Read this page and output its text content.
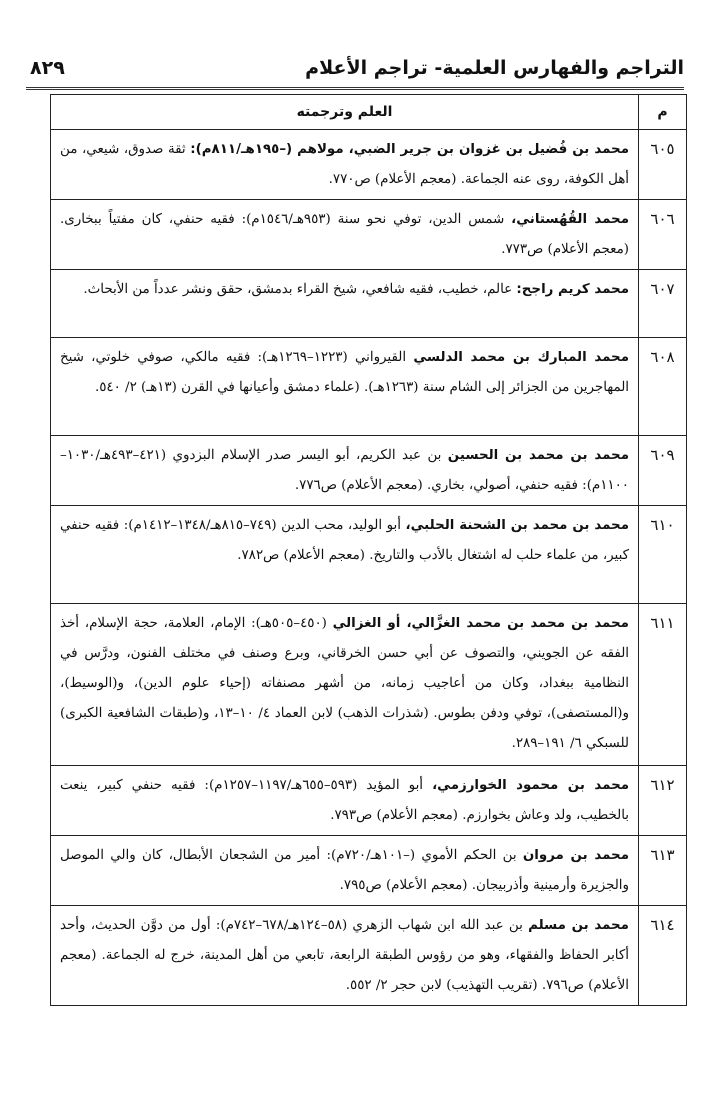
التراجم والفهارس العلمية- تراجم الأعلام
٨٢٩
م	العلم وترجمته
٦٠٥	محمد بن فُضيل بن غزوان بن جرير الضبي، مولاهم (–١٩٥هـ/٨١١م): ثقة صدوق، شيعي، من أهل الكوفة، روى عنه الجماعة. (معجم الأعلام) ص٧٧٠.
٦٠٦	محمد القُهُستاني، شمس الدين، توفي نحو سنة (٩٥٣هـ/١٥٤٦م): فقيه حنفي، كان مفتياً ببخارى. (معجم الأعلام) ص٧٧٣.
٦٠٧	محمد كريم راجح: عالم، خطيب، فقيه شافعي، شيخ القراء بدمشق، حقق ونشر عدداً من الأبحاث.
٦٠٨	محمد المبارك بن محمد الدلسي القيرواني (١٢٢٣–١٢٦٩هـ): فقيه مالكي، صوفي خلوتي، شيخ المهاجرين من الجزائر إلى الشام سنة (١٢٦٣هـ). (علماء دمشق وأعيانها في القرن (١٣هـ) ٢/ ٥٤٠.
٦٠٩	محمد بن محمد بن الحسين بن عبد الكريم، أبو اليسر صدر الإسلام البزدوي (٤٢١–٤٩٣هـ/١٠٣٠–١١٠٠م): فقيه حنفي، أصولي، بخاري. (معجم الأعلام) ص٧٧٦.
٦١٠	محمد بن محمد بن الشحنة الحلبي، أبو الوليد، محب الدين (٧٤٩–٨١٥هـ/١٣٤٨–١٤١٢م): فقيه حنفي كبير، من علماء حلب له اشتغال بالأدب والتاريخ. (معجم الأعلام) ص٧٨٢.
٦١١	محمد بن محمد بن محمد الغزَّالي، أو الغزالي (٤٥٠–٥٠٥هـ): الإمام، العلامة، حجة الإسلام، أخذ الفقه عن الجويني، والتصوف عن أبي حسن الخرقاني، وبرع وصنف في مختلف الفنون، ودرَّس في النظامية ببغداد، وكان من أعاجيب زمانه، من أشهر مصنفاته (إحياء علوم الدين)، و(الوسيط)، و(المستصفى)، توفي ودفن بطوس. (شذرات الذهب) لابن العماد ٤/ ١٠–١٣، و(طبقات الشافعية الكبرى) للسبكي ٦/ ١٩١–٢٨٩.
٦١٢	محمد بن محمود الخوارزمي، أبو المؤيد (٥٩٣–٦٥٥هـ/١١٩٧–١٢٥٧م): فقيه حنفي كبير، ينعت بالخطيب، ولد وعاش بخوارزم. (معجم الأعلام) ص٧٩٣.
٦١٣	محمد بن مروان بن الحكم الأموي (–١٠١هـ/٧٢٠م): أمير من الشجعان الأبطال، كان والي الموصل والجزيرة وأرمينية وأذربيجان. (معجم الأعلام) ص٧٩٥.
٦١٤	محمد بن مسلم بن عبد الله ابن شهاب الزهري (٥٨–١٢٤هـ/٦٧٨–٧٤٢م): أول من دوَّن الحديث، وأحد أكابر الحفاظ والفقهاء، وهو من رؤوس الطبقة الرابعة، تابعي من أهل المدينة، خرج له الجماعة. (معجم الأعلام) ص٧٩٦. (تقريب التهذيب) لابن حجر ٢/ ٥٥٢.
